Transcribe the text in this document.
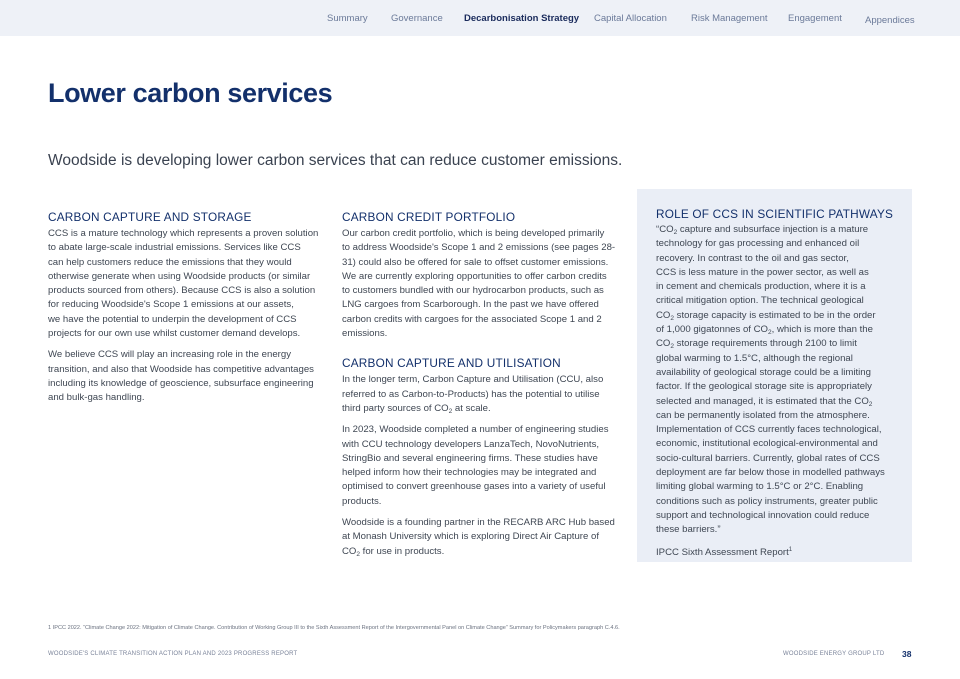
Summary Governance Decarbonisation Strategy Capital Allocation	Risk Management Engagement Appendices
Lower carbon services
Woodside is developing lower carbon services that can reduce customer emissions.
CARBON CAPTURE AND STORAGE

CCS is a mature technology which represents a proven solution
to abate large-scale industrial emissions. Services like CCS
can help customers reduce the emissions that they would
otherwise generate when using Woodside products (or similar
products sourced from others). Because CCS is also a solution
for reducing Woodside's Scope 1 emissions at our assets,
we have the potential to underpin the development of CCS
projects for our own use whilst customer demand develops.

We believe CCS will play an increasing role in the energy
transition, and also that Woodside has competitive advantages
including its knowledge of geoscience, subsurface engineering
and bulk-gas handling.

CARBON CREDIT PORTFOLIO

Our carbon credit portfolio, which is being developed primarily
to address Woodside's Scope 1 and 2 emissions (see pages 28-
31) could also be offered for sale to offset customer emissions.
We are currently exploring opportunities to offer carbon credits
to customers bundled with our hydrocarbon products, such as
LNG cargoes from Scarborough. In the past we have offered
carbon credits with cargoes for the associated Scope 1 and 2
emissions.

CARBON CAPTURE AND UTILISATION

In the longer term, Carbon Capture and Utilisation (CCU, also
referred to as Carbon-to-Products) has the potential to utilise
third party sources of $CO_2$ at scale.

In 2023, Woodside completed a number of engineering studies
with CCU technology developers LanzaTech, NovoNutrients,
StringBio and several engineering firms. These studies have
helped inform how their technologies may be integrated and
optimised to convert greenhouse gases into a variety of useful
products.

Woodside is a founding partner in the RECARB ARC Hub based
at Monash University which is exploring Direct Air Capture of
$CO_2$ for use in products.

ROLE OF CCS IN SCIENTIFIC PATHWAYS
“$CO_2$ capture and subsurface injection is a mature
technology for gas processing and enhanced oil
recovery. In contrast to the oil and gas sector,
CCS is less mature in the power sector, as well as
in cement and chemicals production, where it is a
critical mitigation option. The technical geological
$CO_2$ storage capacity is estimated to be in the order
of 1,000 gigatonnes of $CO_2$, which is more than the
$CO_2$ storage requirements through 2100 to limit
global warming to 1.5°C, although the regional
availability of geological storage could be a limiting
factor. If the geological storage site is appropriately
selected and managed, it is estimated that the $CO_2$
can be permanently isolated from the atmosphere.
Implementation of CCS currently faces technological,
economic, institutional ecological-environmental and
socio-cultural barriers. Currently, global rates of CCS
deployment are far below those in modelled pathways
limiting global warming to 1.5°C or 2°C. Enabling
conditions such as policy instruments, greater public
support and technological innovation could reduce
these barriers.”
IPCC Sixth Assessment Report$^1$
1 IPCC 2022. “Climate Change 2022: Mitigation of Climate Change. Contribution of Working Group III to the Sixth Assessment Report of the Intergovernmental Panel on Climate Change” Summary for Policymakers paragraph C.4.6.
WOODSIDE'S CLIMATE TRANSITION ACTION PLAN AND 2023 PROGRESS REPORT	WOODSIDE ENERGY GROUP LTD 38
